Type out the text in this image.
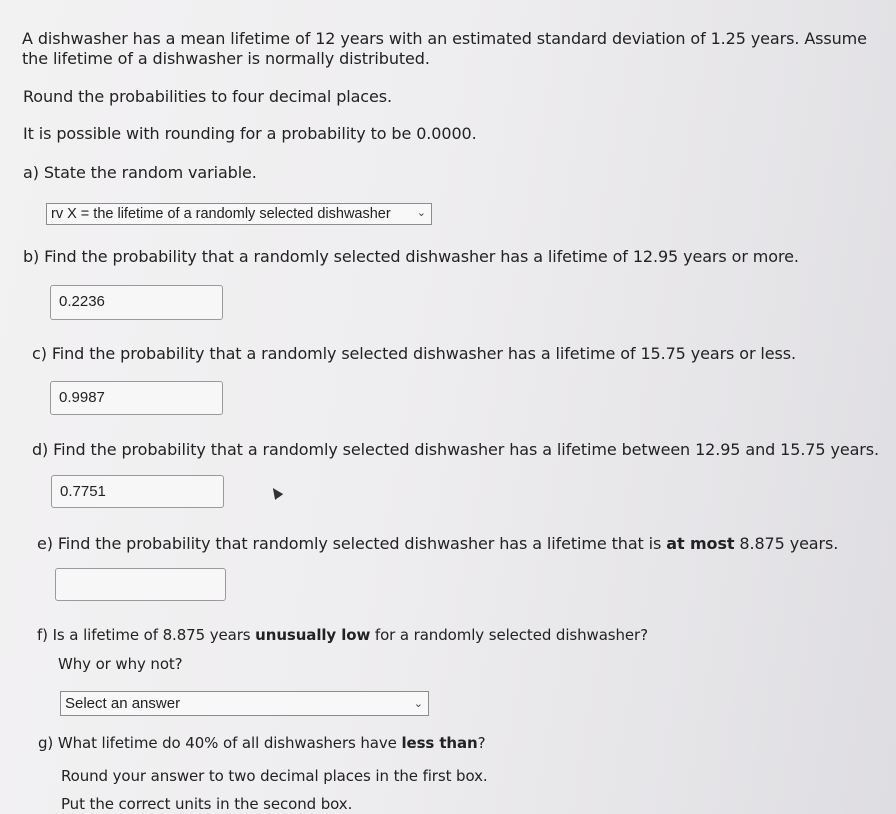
A dishwasher has a mean lifetime of 12 years with an estimated standard deviation of 1.25 years. Assume
the lifetime of a dishwasher is normally distributed.
Round the probabilities to four decimal places.
It is possible with rounding for a probability to be 0.0000.
a) State the random variable.
rv X = the lifetime of a randomly selected dishwasher ⌄
b) Find the probability that a randomly selected dishwasher has a lifetime of 12.95 years or more.
0.2236
c) Find the probability that a randomly selected dishwasher has a lifetime of 15.75 years or less.
0.9987
d) Find the probability that a randomly selected dishwasher has a lifetime between 12.95 and 15.75 years.
0.7751
e) Find the probability that randomly selected dishwasher has a lifetime that is at most 8.875 years.
f) Is a lifetime of 8.875 years unusually low for a randomly selected dishwasher?
Why or why not?
Select an answer	⌄
g) What lifetime do 40% of all dishwashers have less than?
Round your answer to two decimal places in the first box.
Put the correct units in the second box.
